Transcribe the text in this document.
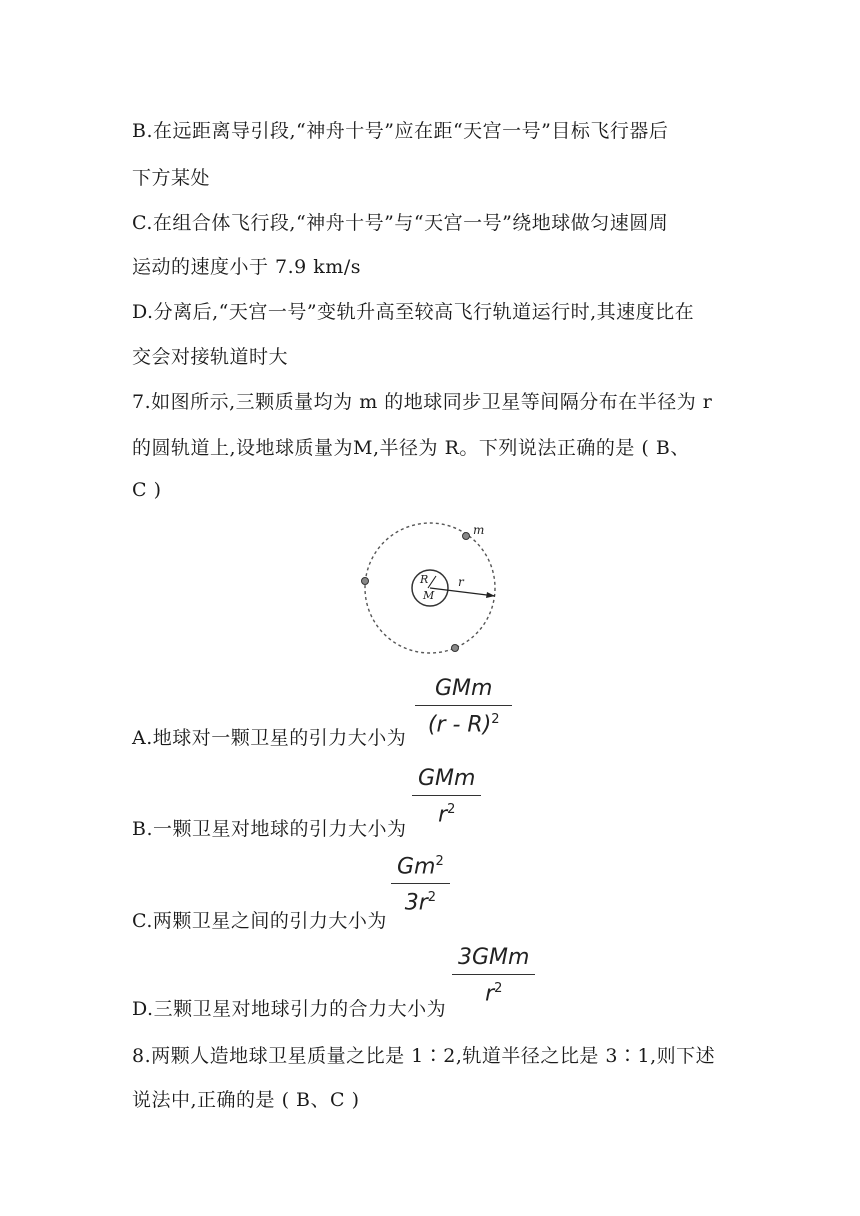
B.在远距离导引段,“神舟十号”应在距“天宫一号”目标飞行器后
下方某处
C.在组合体飞行段,“神舟十号”与“天宫一号”绕地球做匀速圆周
运动的速度小于 7.9 km/s
D.分离后,“天宫一号”变轨升高至较高飞行轨道运行时,其速度比在
交会对接轨道时大
7.如图所示,三颗质量均为 m 的地球同步卫星等间隔分布在半径为 r
的圆轨道上,设地球质量为M,半径为 R。下列说法正确的是 ( B、
C )
m
R
M
r
GMm
(r - R)$^2$
A.地球对一颗卫星的引力大小为
GMm
$r^2$
B.一颗卫星对地球的引力大小为
$\frac{Gm^2}{3r^2}$
C.两颗卫星之间的引力大小为
3GMm
$r^2$
D.三颗卫星对地球引力的合力大小为
8.两颗人造地球卫星质量之比是 1∶2,轨道半径之比是 3∶1,则下述
说法中,正确的是 ( B、C )
